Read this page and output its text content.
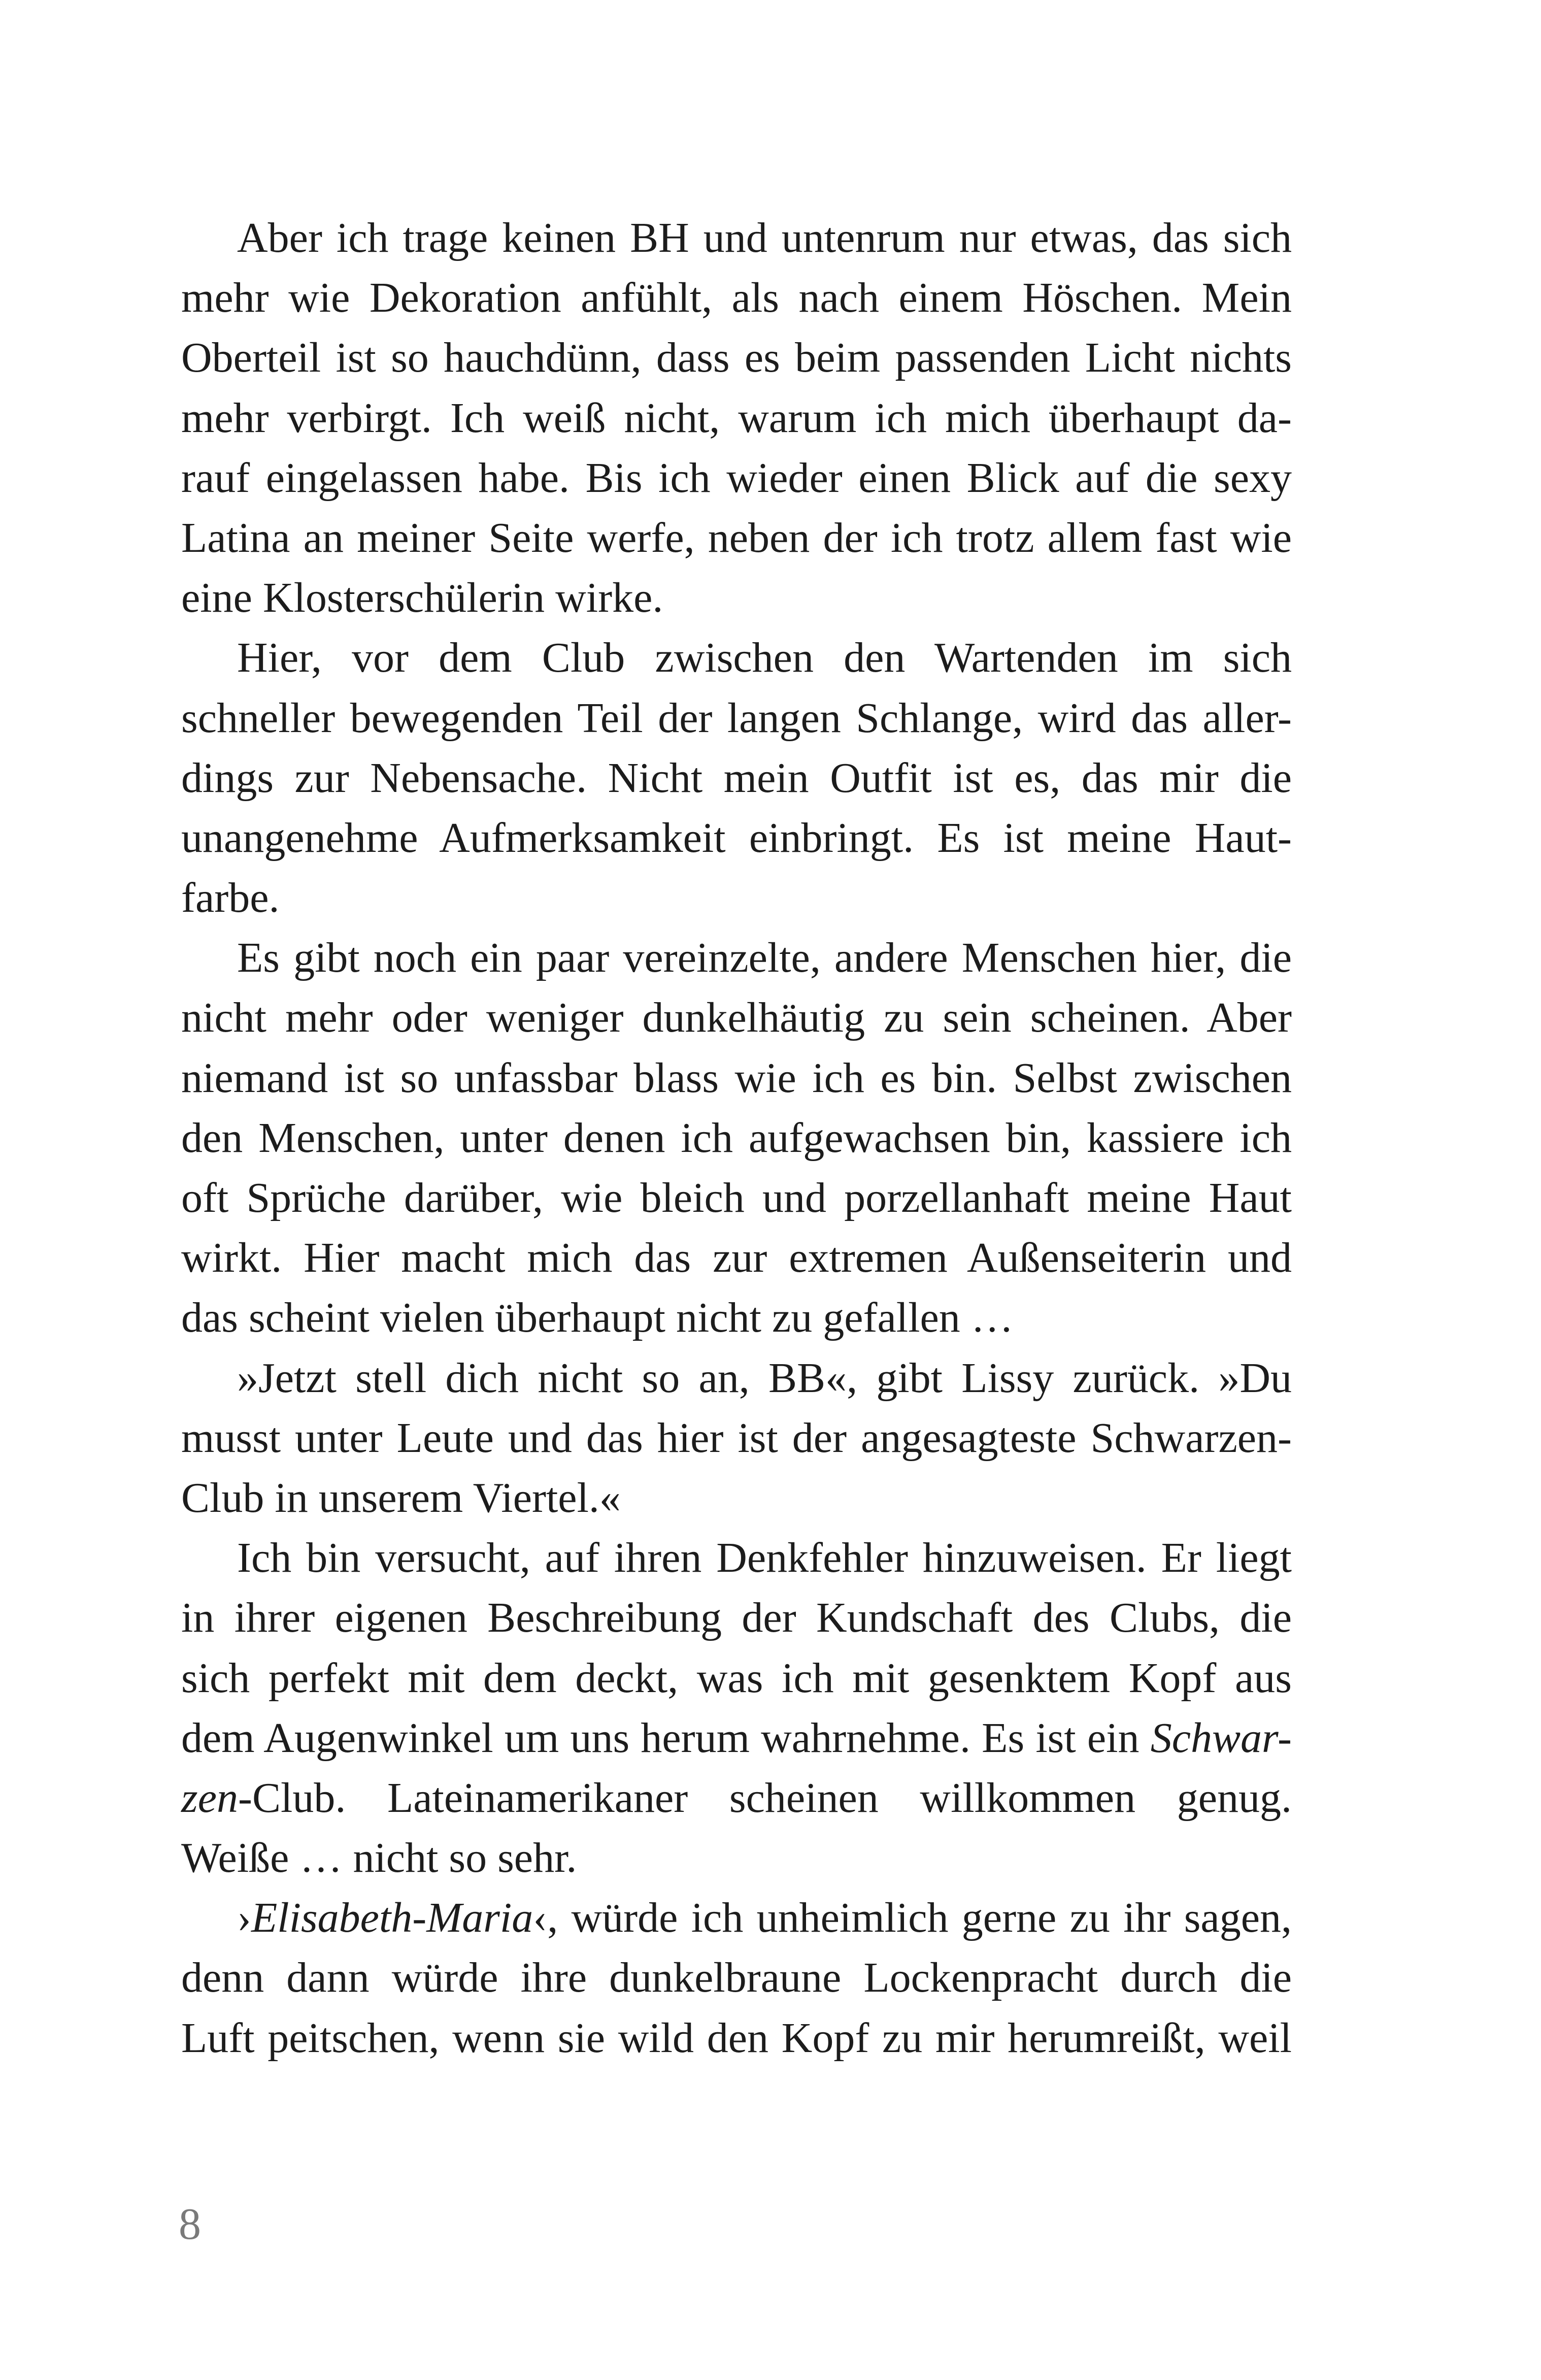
Aber ich trage keinen BH und untenrum nur etwas, das sich
mehr wie Dekoration anfühlt, als nach einem Höschen. Mein
Oberteil ist so hauchdünn, dass es beim passenden Licht nichts
mehr verbirgt. Ich weiß nicht, warum ich mich überhaupt da-
rauf eingelassen habe. Bis ich wieder einen Blick auf die sexy
Latina an meiner Seite werfe, neben der ich trotz allem fast wie
eine Klosterschülerin wirke.
Hier, vor dem Club zwischen den Wartenden im sich
schneller bewegenden Teil der langen Schlange, wird das aller-
dings zur Nebensache. Nicht mein Outfit ist es, das mir die
unangenehme Aufmerksamkeit einbringt. Es ist meine Haut-
farbe.
Es gibt noch ein paar vereinzelte, andere Menschen hier, die
nicht mehr oder weniger dunkelhäutig zu sein scheinen. Aber
niemand ist so unfassbar blass wie ich es bin. Selbst zwischen
den Menschen, unter denen ich aufgewachsen bin, kassiere ich
oft Sprüche darüber, wie bleich und porzellanhaft meine Haut
wirkt. Hier macht mich das zur extremen Außenseiterin und
das scheint vielen überhaupt nicht zu gefallen …
»Jetzt stell dich nicht so an, BB«, gibt Lissy zurück. »Du
musst unter Leute und das hier ist der angesagteste Schwarzen-
Club in unserem Viertel.«
Ich bin versucht, auf ihren Denkfehler hinzuweisen. Er liegt
in ihrer eigenen Beschreibung der Kundschaft des Clubs, die
sich perfekt mit dem deckt, was ich mit gesenktem Kopf aus
dem Augenwinkel um uns herum wahrnehme. Es ist ein Schwar-
zen-Club. Lateinamerikaner scheinen willkommen genug.
Weiße … nicht so sehr.
›Elisabeth-Maria‹, würde ich unheimlich gerne zu ihr sagen,
denn dann würde ihre dunkelbraune Lockenpracht durch die
Luft peitschen, wenn sie wild den Kopf zu mir herumreißt, weil
8
